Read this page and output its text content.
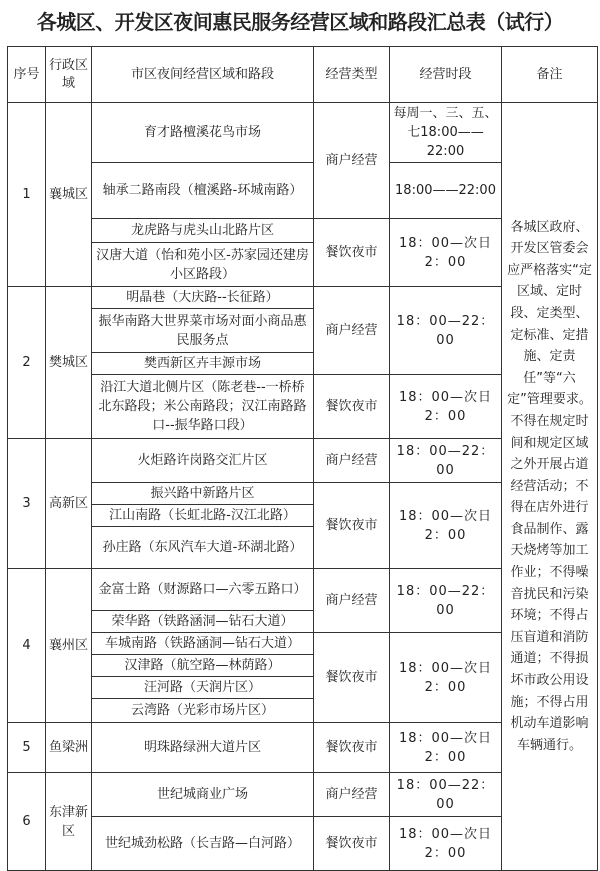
各城区、开发区夜间惠民服务经营区域和路段汇总表（试行）
序号	行政区域	市区夜间经营区域和路段	经营类型	经营时段	备注
1	襄城区	育才路檀溪花鸟市场	商户经营	每周一、三、五、七18:00——22:00	各城区政府、开发区管委会应严格落实“定区域、定时段、定类型、定标准、定措施、定责任”等“六定”管理要求。不得在规定时间和规定区域之外开展占道经营活动；不得在店外进行食品制作、露天烧烤等加工作业；不得噪音扰民和污染环境；不得占压盲道和消防通道；不得损坏市政公用设施；不得占用机动车道影响车辆通行。
		轴承二路南段（檀溪路-环城南路）		18:00——22:00	
		龙虎路与虎头山北路片区	餐饮夜市	18：00—次日2：00	
		汉唐大道（怡和苑小区-苏家园还建房小区路段）			
2	樊城区	明晶巷（大庆路--长征路）	商户经营	18：00—22：00	
		振华南路大世界菜市场对面小商品惠民服务点			
		樊西新区卉丰源市场			
		沿江大道北侧片区（陈老巷--一桥桥北东路段；米公南路段；汉江南路路口--振华路口段）	餐饮夜市	18：00—次日2：00	
3	高新区	火炬路许岗路交汇片区	商户经营	18：00—22：00	
		振兴路中新路片区	餐饮夜市	18：00—次日2：00	
		江山南路（长虹北路-汉江北路）			
		孙庄路（东风汽车大道-环湖北路）			
4	襄州区	金富士路（财源路口—六零五路口）	商户经营	18：00—22：00	
		荣华路（铁路涵洞—钻石大道）			
		车城南路（铁路涵洞—钻石大道）	餐饮夜市	18：00—次日2：00	
		汉津路（航空路—林荫路）			
		汪河路（天润片区）			
		云湾路（光彩市场片区）			
5	鱼梁洲	明珠路绿洲大道片区	餐饮夜市	18：00—次日2：00	
6	东津新区	世纪城商业广场	商户经营	18：00—22：00	
		世纪城劲松路（长吉路—白河路）	餐饮夜市	18：00—次日2：00	
